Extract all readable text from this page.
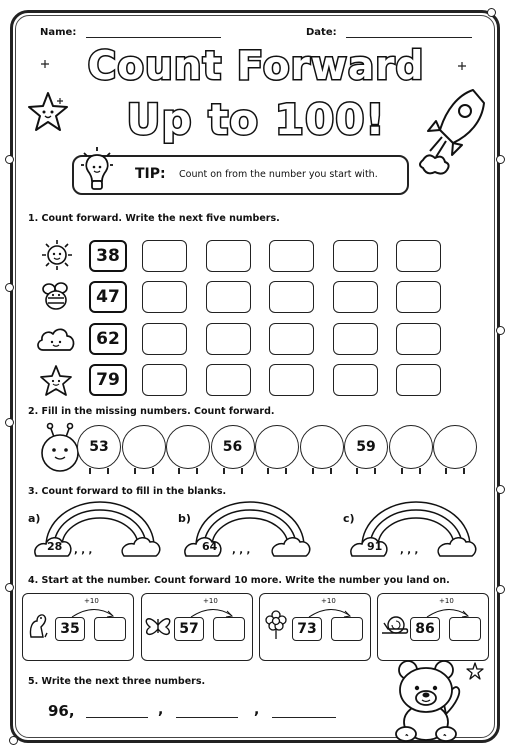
Name:	Date:
Count Forward
Up to 100!
TIP: Count on from the number you start with.
1. Count forward. Write the next five numbers.
38
47
62
79
2. Fill in the missing numbers. Count forward.
53	56	59
3. Count forward to fill in the blanks.
a)	b)	c)
28 , , ,	64 , , ,	91 , , ,
4. Start at the number. Count forward 10 more. Write the number you land on.
35
+10
57
+10
73
+10
86
+10
5. Write the next three numbers.
96,	,	,
